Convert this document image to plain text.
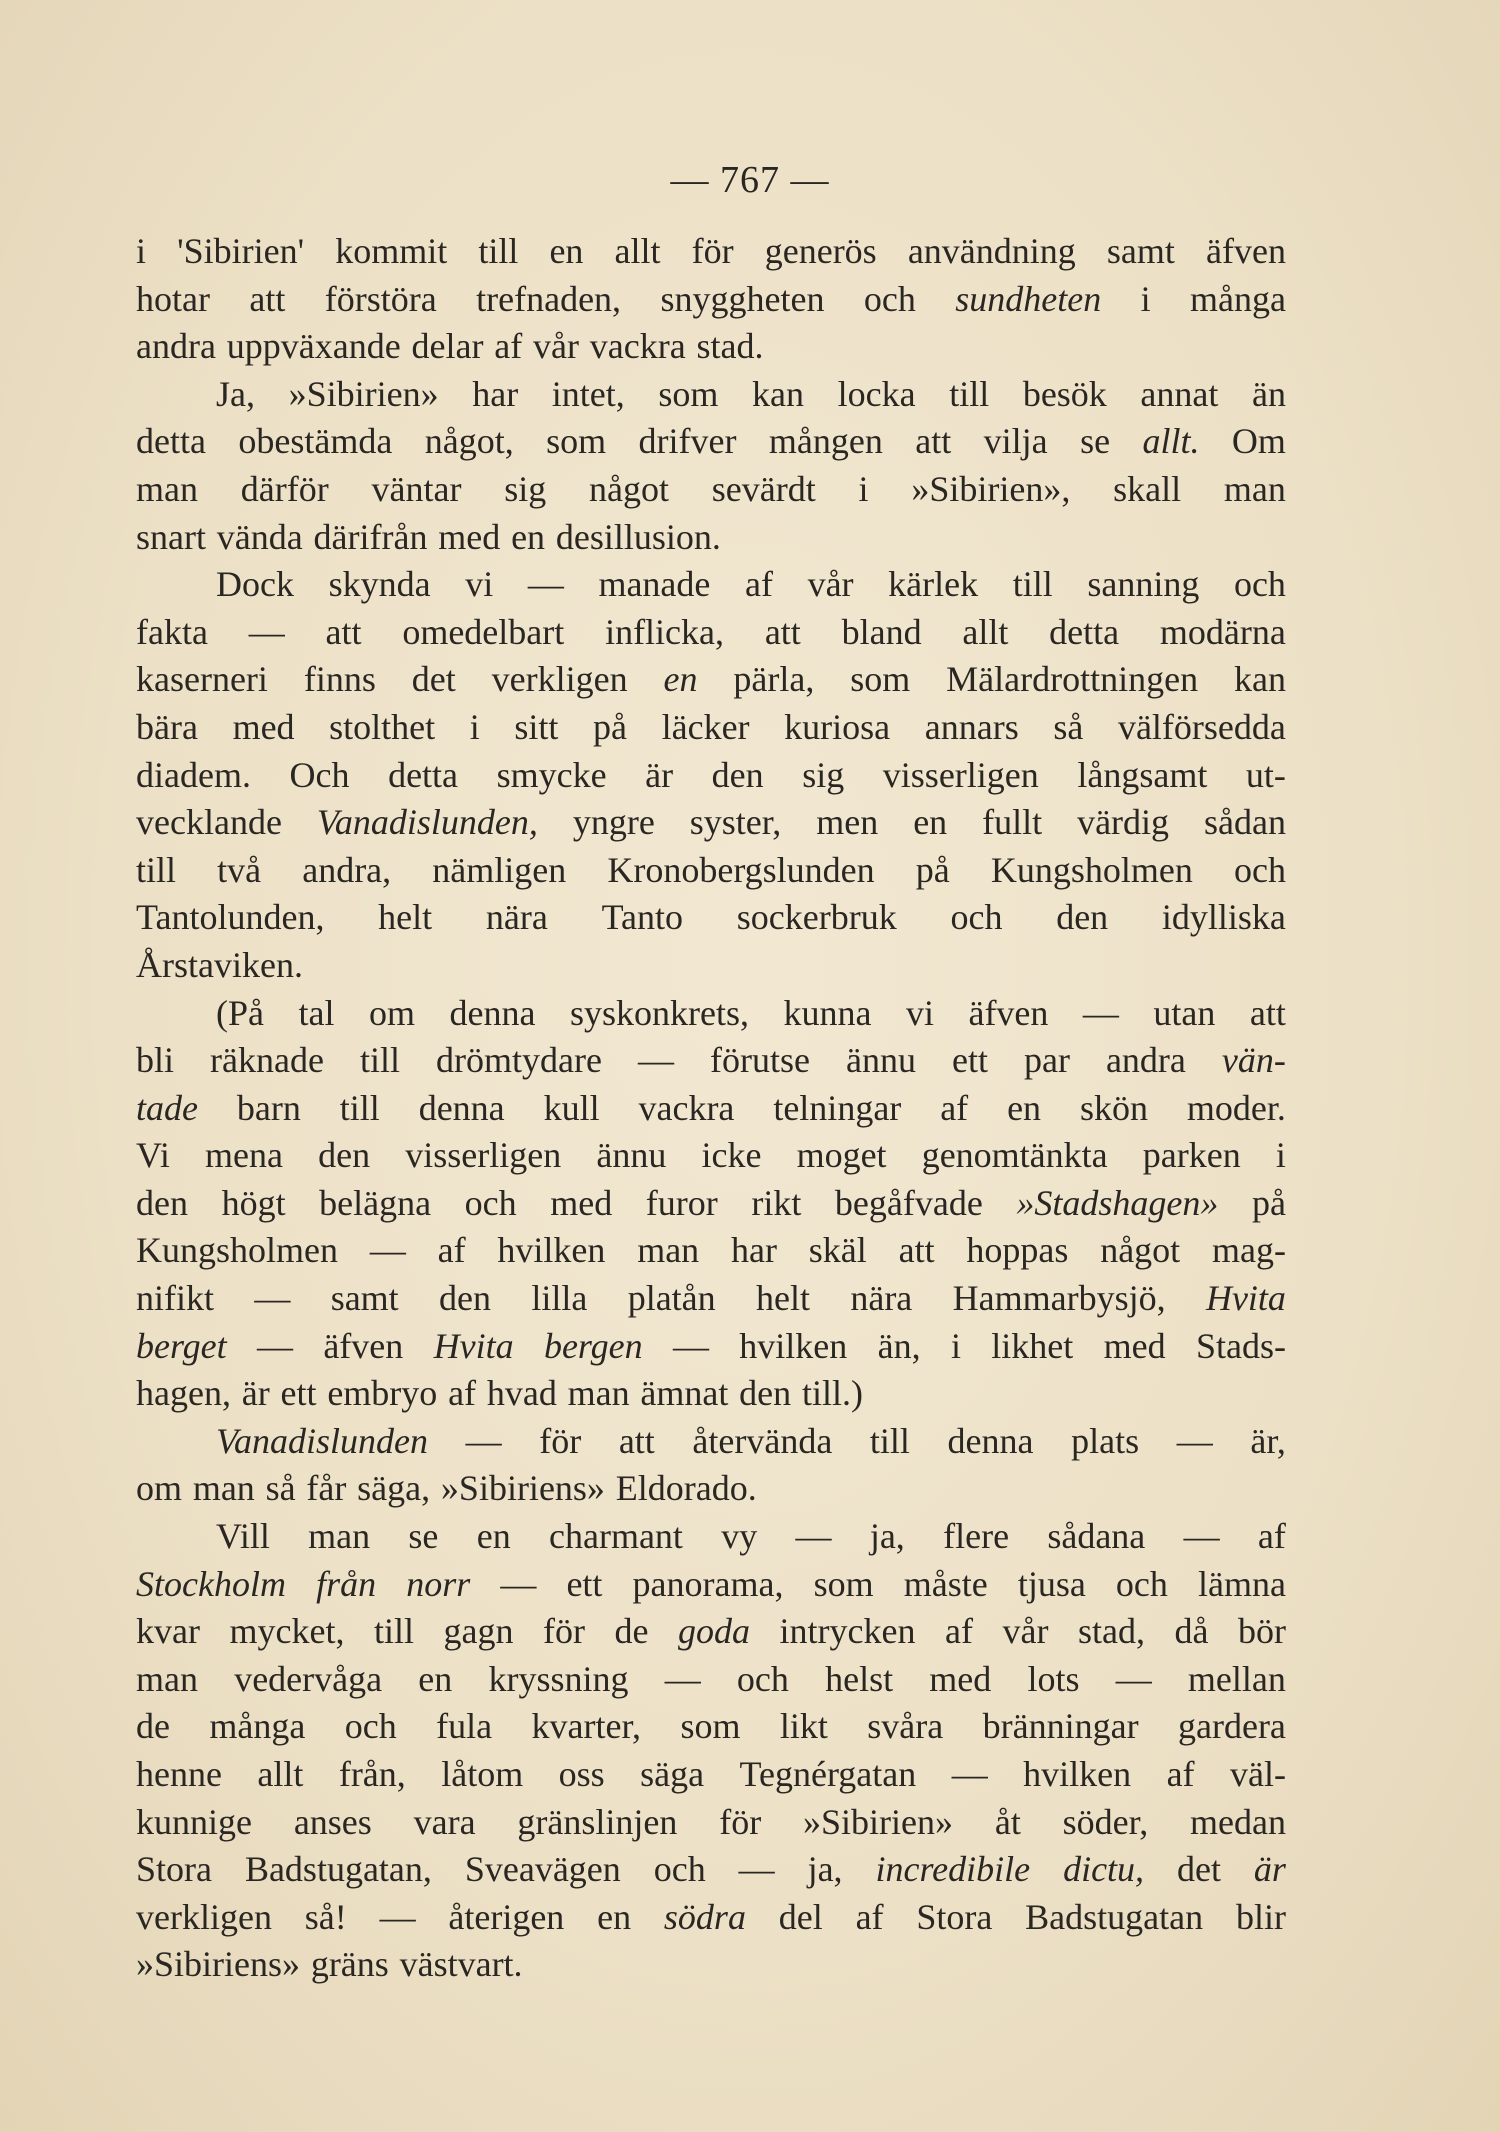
— 767 —
i 'Sibirien' kommit till en allt för generös användning samt äfven
hotar att förstöra trefnaden, snyggheten och sundheten i många
andra uppväxande delar af vår vackra stad.
Ja, »Sibirien» har intet, som kan locka till besök annat än
detta obestämda något, som drifver mången att vilja se allt. Om
man därför väntar sig något sevärdt i »Sibirien», skall man
snart vända därifrån med en desillusion.
Dock skynda vi — manade af vår kärlek till sanning och
fakta — att omedelbart inflicka, att bland allt detta modärna
kaserneri finns det verkligen en pärla, som Mälardrottningen kan
bära med stolthet i sitt på läcker kuriosa annars så välförsedda
diadem. Och detta smycke är den sig visserligen långsamt ut-
vecklande Vanadislunden, yngre syster, men en fullt värdig sådan
till två andra, nämligen Kronobergslunden på Kungsholmen och
Tantolunden, helt nära Tanto sockerbruk och den idylliska
Årstaviken.
(På tal om denna syskonkrets, kunna vi äfven — utan att
bli räknade till drömtydare — förutse ännu ett par andra vän-
tade barn till denna kull vackra telningar af en skön moder.
Vi mena den visserligen ännu icke moget genomtänkta parken i
den högt belägna och med furor rikt begåfvade »Stadshagen» på
Kungsholmen — af hvilken man har skäl att hoppas något mag-
nifikt — samt den lilla platån helt nära Hammarbysjö, Hvita
berget — äfven Hvita bergen — hvilken än, i likhet med Stads-
hagen, är ett embryo af hvad man ämnat den till.)
Vanadislunden — för att återvända till denna plats — är,
om man så får säga, »Sibiriens» Eldorado.
Vill man se en charmant vy — ja, flere sådana — af
Stockholm från norr — ett panorama, som måste tjusa och lämna
kvar mycket, till gagn för de goda intrycken af vår stad, då bör
man vedervåga en kryssning — och helst med lots — mellan
de många och fula kvarter, som likt svåra bränningar gardera
henne allt från, låtom oss säga Tegnérgatan — hvilken af väl-
kunnige anses vara gränslinjen för »Sibirien» åt söder, medan
Stora Badstugatan, Sveavägen och — ja, incredibile dictu, det är
verkligen så! — återigen en södra del af Stora Badstugatan blir
»Sibiriens» gräns västvart.
